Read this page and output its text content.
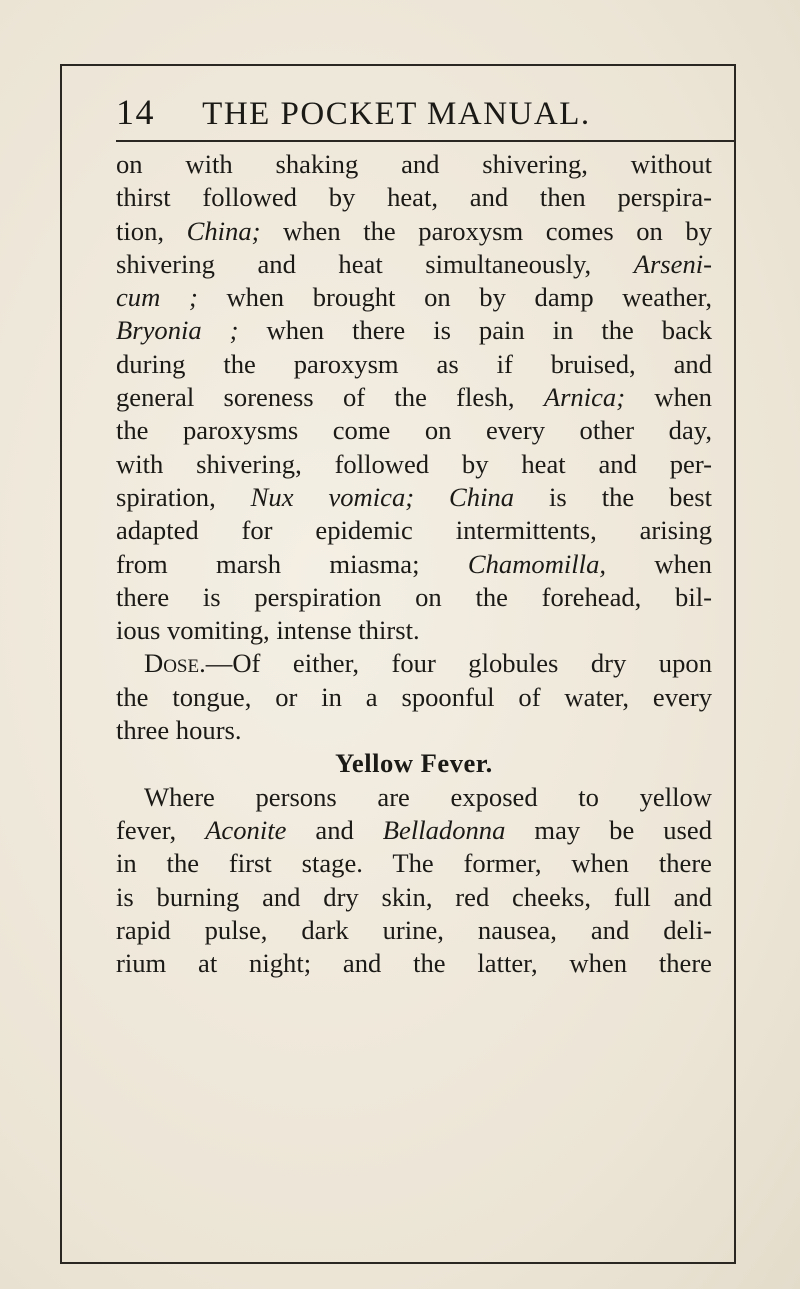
14 THE POCKET MANUAL.
on with shaking and shivering, without
thirst followed by heat, and then perspira-
tion, China; when the paroxysm comes on by
shivering and heat simultaneously, Arseni-
cum ; when brought on by damp weather,
Bryonia ; when there is pain in the back
during the paroxysm as if bruised, and
general soreness of the flesh, Arnica; when
the paroxysms come on every other day,
with shivering, followed by heat and per-
spiration, Nux vomica; China is the best
adapted for epidemic intermittents, arising
from marsh miasma; Chamomilla, when
there is perspiration on the forehead, bil-
ious vomiting, intense thirst.
Dose.—Of either, four globules dry upon
the tongue, or in a spoonful of water, every
three hours.
Yellow Fever.
Where persons are exposed to yellow
fever, Aconite and Belladonna may be used
in the first stage. The former, when there
is burning and dry skin, red cheeks, full and
rapid pulse, dark urine, nausea, and deli-
rium at night; and the latter, when there
